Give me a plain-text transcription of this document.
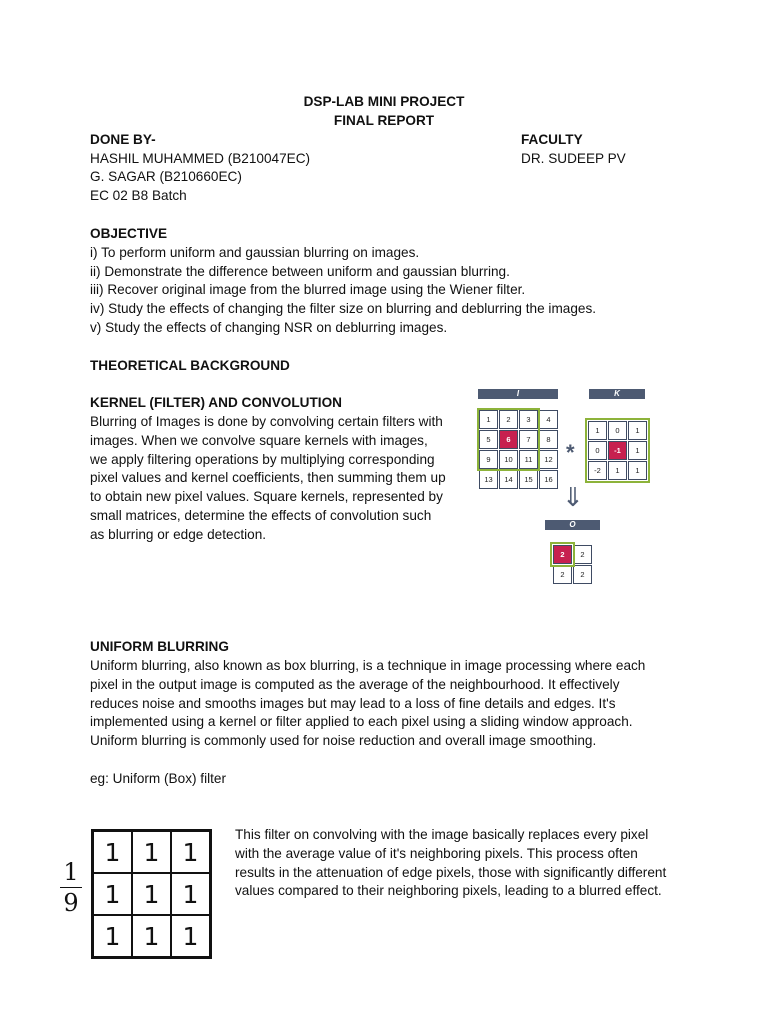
DSP-LAB MINI PROJECT
FINAL REPORT
DONE BY-	FACULTY
HASHIL MUHAMMED (B210047EC)	DR. SUDEEP PV
G. SAGAR (B210660EC)
EC 02 B8 Batch
OBJECTIVE
i) To perform uniform and gaussian blurring on images.
ii) Demonstrate the difference between uniform and gaussian blurring.
iii) Recover original image from the blurred image using the Wiener filter.
iv) Study the effects of changing the filter size on blurring and deblurring the images.
v) Study the effects of changing NSR on deblurring images.
THEORETICAL BACKGROUND
KERNEL (FILTER) AND CONVOLUTION
Blurring of Images is done by convolving certain filters with
images. When we convolve square kernels with images,
we apply filtering operations by multiplying corresponding
pixel values and kernel coefficients, then summing them up
to obtain new pixel values. Square kernels, represented by
small matrices, determine the effects of convolution such
as blurring or edge detection.
I
1	2	3	4
5	6	7	8
9	10	11	12
13	14	15	16
*
K
1	0	1
0	-1	1
-2	1	1
⇓
O
2	2
2	2
UNIFORM BLURRING
Uniform blurring, also known as box blurring, is a technique in image processing where each
pixel in the output image is computed as the average of the neighbourhood. It effectively
reduces noise and smooths images but may lead to a loss of fine details and edges. It's
implemented using a kernel or filter applied to each pixel using a sliding window approach.
Uniform blurring is commonly used for noise reduction and overall image smoothing.
eg: Uniform (Box) filter
1
9
1 1 1
1 1 1
1 1 1
This filter on convolving with the image basically replaces every pixel
with the average value of it's neighboring pixels. This process often
results in the attenuation of edge pixels, those with significantly different
values compared to their neighboring pixels, leading to a blurred effect.
